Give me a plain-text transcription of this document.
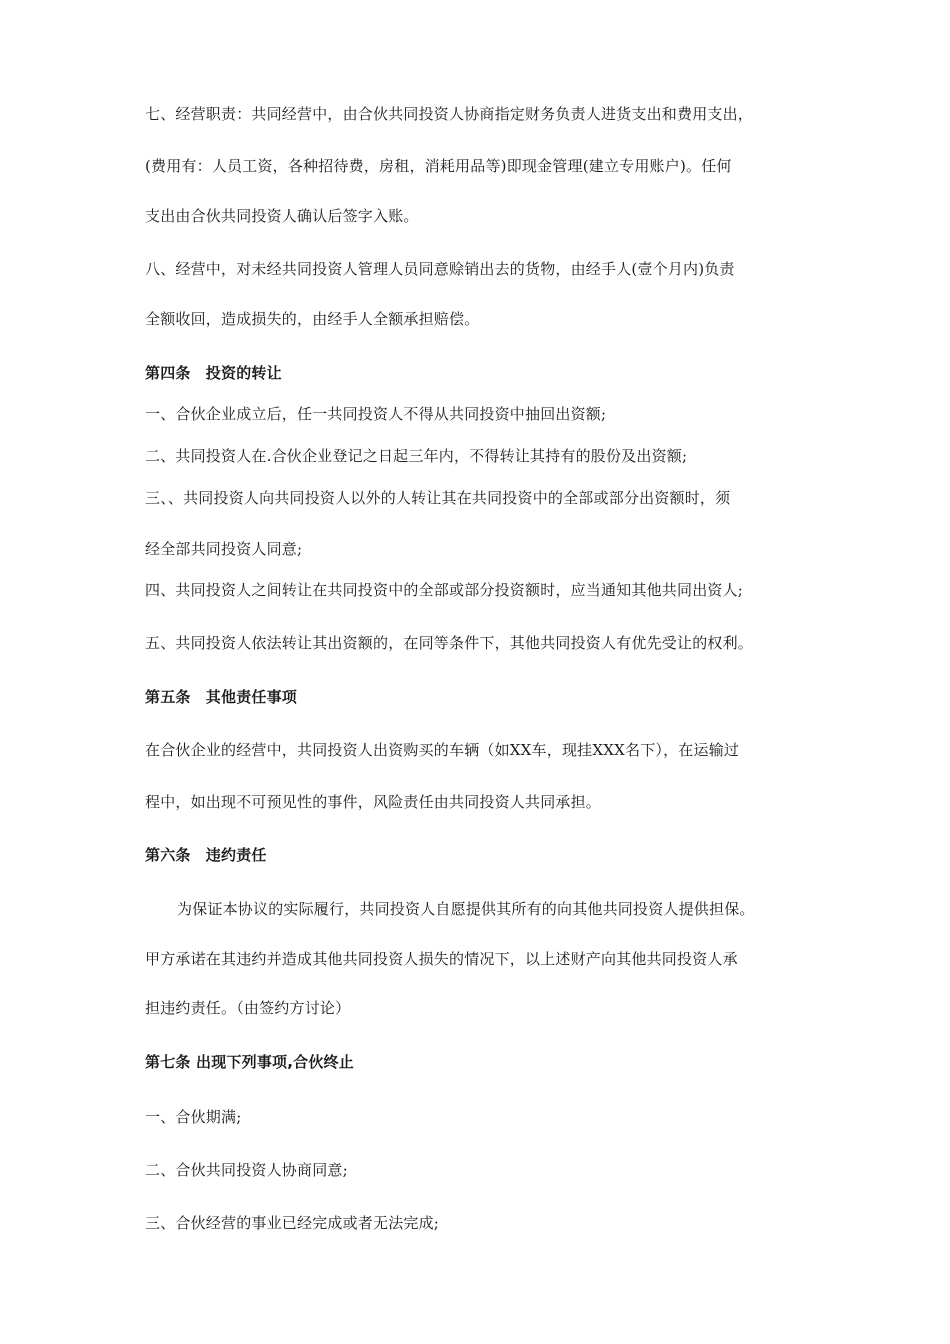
七、经营职责：共同经营中，由合伙共同投资人协商指定财务负责人进货支出和费用支出，
(费用有：人员工资，各种招待费，房租，消耗用品等)即现金管理(建立专用账户)。任何
支出由合伙共同投资人确认后签字入账。
八、经营中，对未经共同投资人管理人员同意赊销出去的货物，由经手人(壹个月内)负责
全额收回，造成损失的，由经手人全额承担赔偿。
第四条　投资的转让
一、合伙企业成立后，任一共同投资人不得从共同投资中抽回出资额;
二、共同投资人在.合伙企业登记之日起三年内，不得转让其持有的股份及出资额;
三、、共同投资人向共同投资人以外的人转让其在共同投资中的全部或部分出资额时，须
经全部共同投资人同意;
四、共同投资人之间转让在共同投资中的全部或部分投资额时，应当通知其他共同出资人;
五、共同投资人依法转让其出资额的，在同等条件下，其他共同投资人有优先受让的权利。
第五条　其他责任事项
在合伙企业的经营中，共同投资人出资购买的车辆（如XX车，现挂XXX名下），在运输过
程中，如出现不可预见性的事件，风险责任由共同投资人共同承担。
第六条　违约责任
为保证本协议的实际履行，共同投资人自愿提供其所有的向其他共同投资人提供担保。
甲方承诺在其违约并造成其他共同投资人损失的情况下，以上述财产向其他共同投资人承
担违约责任。（由签约方讨论）
第七条 出现下列事项,合伙终止
一、合伙期满;
二、合伙共同投资人协商同意;
三、合伙经营的事业已经完成或者无法完成;
